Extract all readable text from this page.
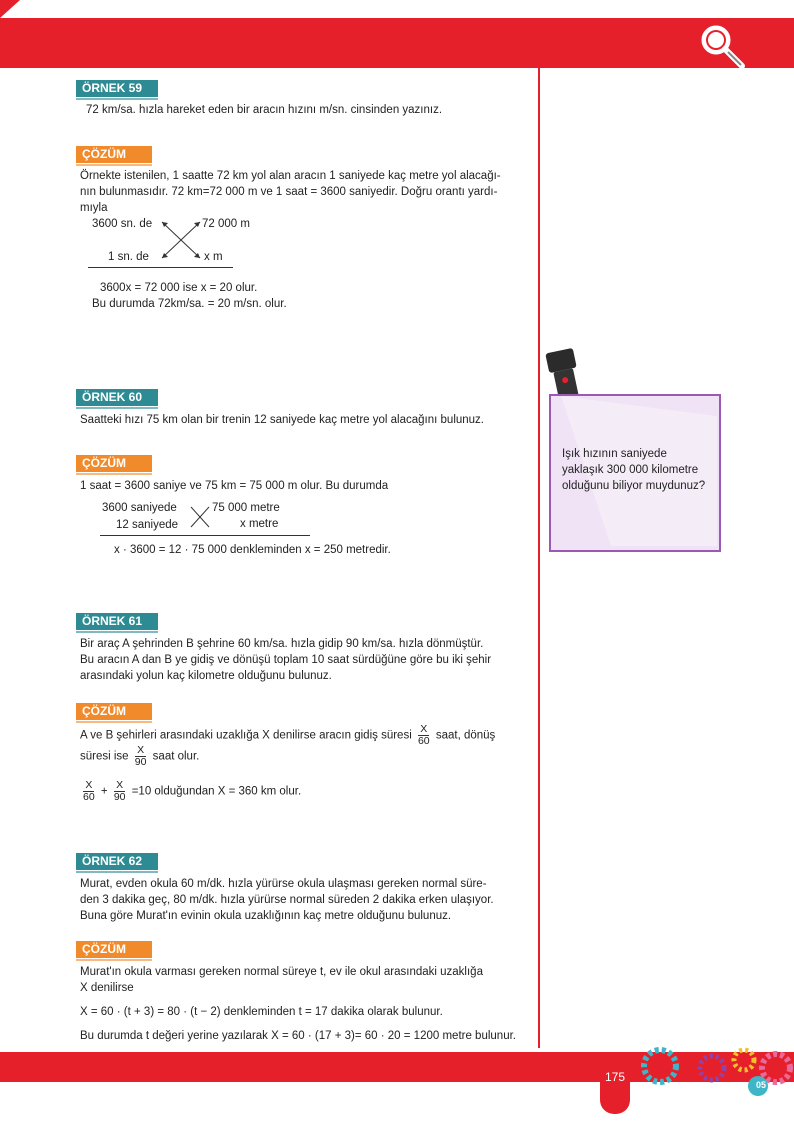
ÖRNEK 59
72 km/sa. hızla hareket eden bir aracın hızını m/sn. cinsinden yazınız.
ÇÖZÜM
Örnekte istenilen, 1 saatte 72 km yol alan aracın 1 saniyede kaç metre yol alacağı-
nın bulunmasıdır. 72 km=72 000 m ve 1 saat = 3600 saniyedir. Doğru orantı yardı-
mıyla
3600 sn. de	72 000 m
1 sn. de	x m
3600x = 72 000 ise x = 20 olur.
Bu durumda 72km/sa. = 20 m/sn. olur.
ÖRNEK 60
Saatteki hızı 75 km olan bir trenin 12 saniyede kaç metre yol alacağını bulunuz.
ÇÖZÜM
1 saat = 3600 saniye ve 75 km = 75 000 m olur. Bu durumda
3600 saniyede	75 000 metre
12 saniyede	x metre
x · 3600 = 12 · 75 000 denkleminden x = 250 metredir.
ÖRNEK 61
Bir araç A şehrinden B şehrine 60 km/sa. hızla gidip 90 km/sa. hızla dönmüştür.
Bu aracın A dan B ye gidiş ve dönüşü toplam 10 saat sürdüğüne göre bu iki şehir
arasındaki yolun kaç kilometre olduğunu bulunuz.
ÇÖZÜM
A ve B şehirleri arasındaki uzaklığa X denilirse aracın gidiş süresi $\frac{X}{60}$ saat, dönüş
süresi ise $\frac{X}{90}$ saat olur.
$\frac{X}{60} + \frac{X}{90} =10$ olduğundan X = 360 km olur.
ÖRNEK 62
Murat, evden okula 60 m/dk. hızla yürürse okula ulaşması gereken normal süre-
den 3 dakika geç, 80 m/dk. hızla yürürse normal süreden 2 dakika erken ulaşıyor.
Buna göre Murat'ın evinin okula uzaklığının kaç metre olduğunu bulunuz.
ÇÖZÜM
Murat'ın okula varması gereken normal süreye t, ev ile okul arasındaki uzaklığa
X denilirse
X = 60 · (t + 3) = 80 · (t − 2) denkleminden t = 17 dakika olarak bulunur.
Bu durumda t değeri yerine yazılarak X = 60 · (17 + 3)= 60 · 20 = 1200 metre bulunur.
Işık hızının saniyede yaklaşık 300 000 kilometre olduğunu biliyor muydunuz?
05
175
